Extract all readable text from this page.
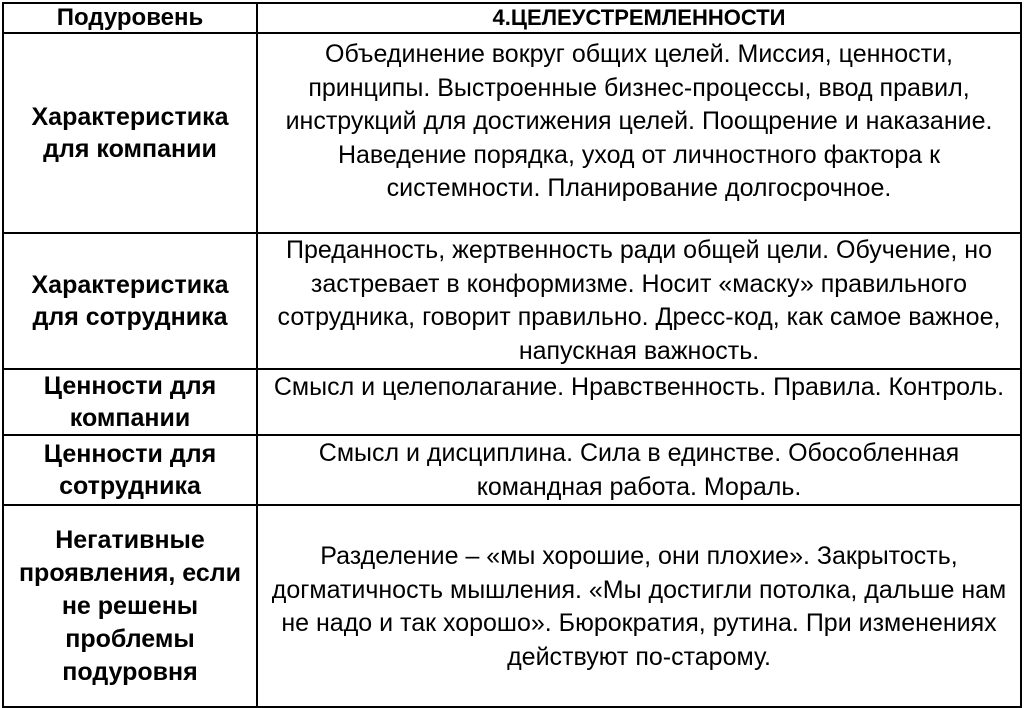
Подуровень	4.ЦЕЛЕУСТРЕМЛЕННОСТИ
Характеристика для компании	Объединение вокруг общих целей. Миссия, ценности, принципы. Выстроенные бизнес-процессы, ввод правил, инструкций для достижения целей. Поощрение и наказание. Наведение порядка, уход от личностного фактора к системности. Планирование долгосрочное.
Характеристика для сотрудника	Преданность, жертвенность ради общей цели. Обучение, но застревает в конформизме. Носит «маску» правильного сотрудника, говорит правильно. Дресс-код, как самое важное, напускная важность.
Ценности для компании	Смысл и целеполагание. Нравственность. Правила. Контроль.
Ценности для сотрудника	Смысл и дисциплина. Сила в единстве. Обособленная командная работа. Мораль.
Негативные проявления, если не решены проблемы подуровня	Разделение – «мы хорошие, они плохие». Закрытость, догматичность мышления. «Мы достигли потолка, дальше нам не надо и так хорошо». Бюрократия, рутина. При изменениях действуют по-старому.
